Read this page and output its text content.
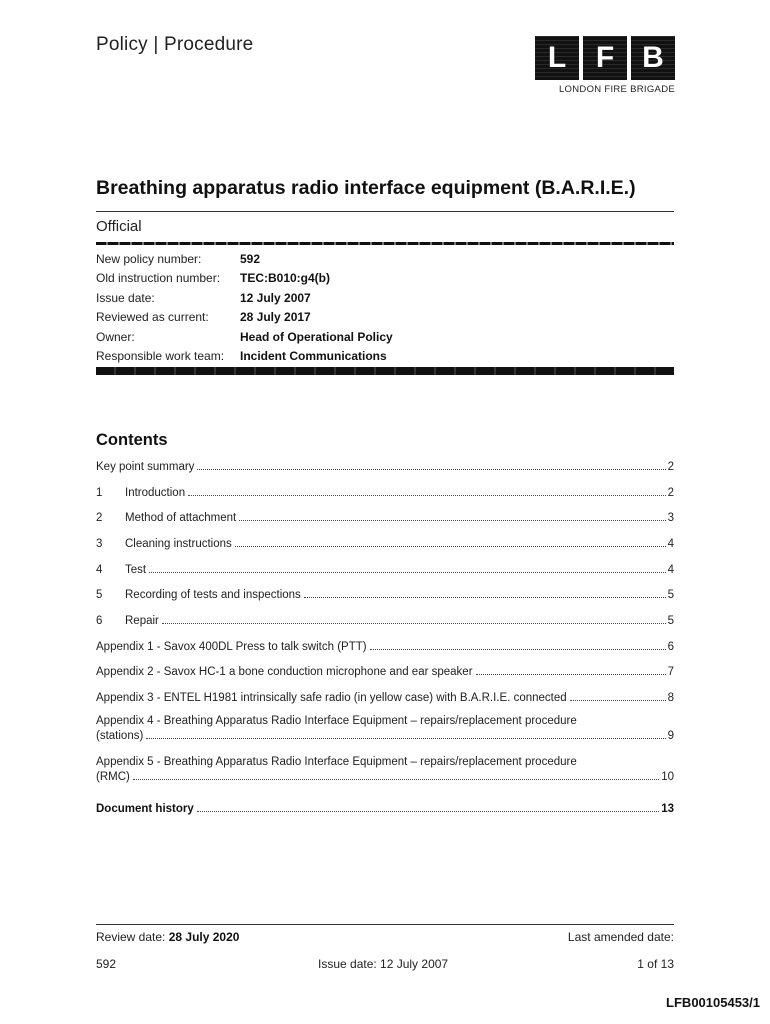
Policy | Procedure	L F B
LONDON FIRE BRIGADE
Breathing apparatus radio interface equipment (B.A.R.I.E.)
Official
New policy number:	592
Old instruction number:	TEC:B010:g4(b)
Issue date:	12 July 2007
Reviewed as current:	28 July 2017
Owner:	Head of Operational Policy
Responsible work team:	Incident Communications
Contents
Key point summary	2
1	Introduction	2
2	Method of attachment	3
3	Cleaning instructions	4
4	Test	4
5	Recording of tests and inspections	5
6	Repair	5
Appendix 1 - Savox 400DL Press to talk switch (PTT)	6
Appendix 2 - Savox HC-1 a bone conduction microphone and ear speaker	7
Appendix 3 - ENTEL H1981 intrinsically safe radio (in yellow case) with B.A.R.I.E. connected	8
Appendix 4 - Breathing Apparatus Radio Interface Equipment – repairs/replacement procedure
(stations)	9
Appendix 5 - Breathing Apparatus Radio Interface Equipment – repairs/replacement procedure
(RMC)	10
Document history	13
Review date: 28 July 2020	Last amended date:
592	Issue date: 12 July 2007	1 of 13
LFB00105453/1
